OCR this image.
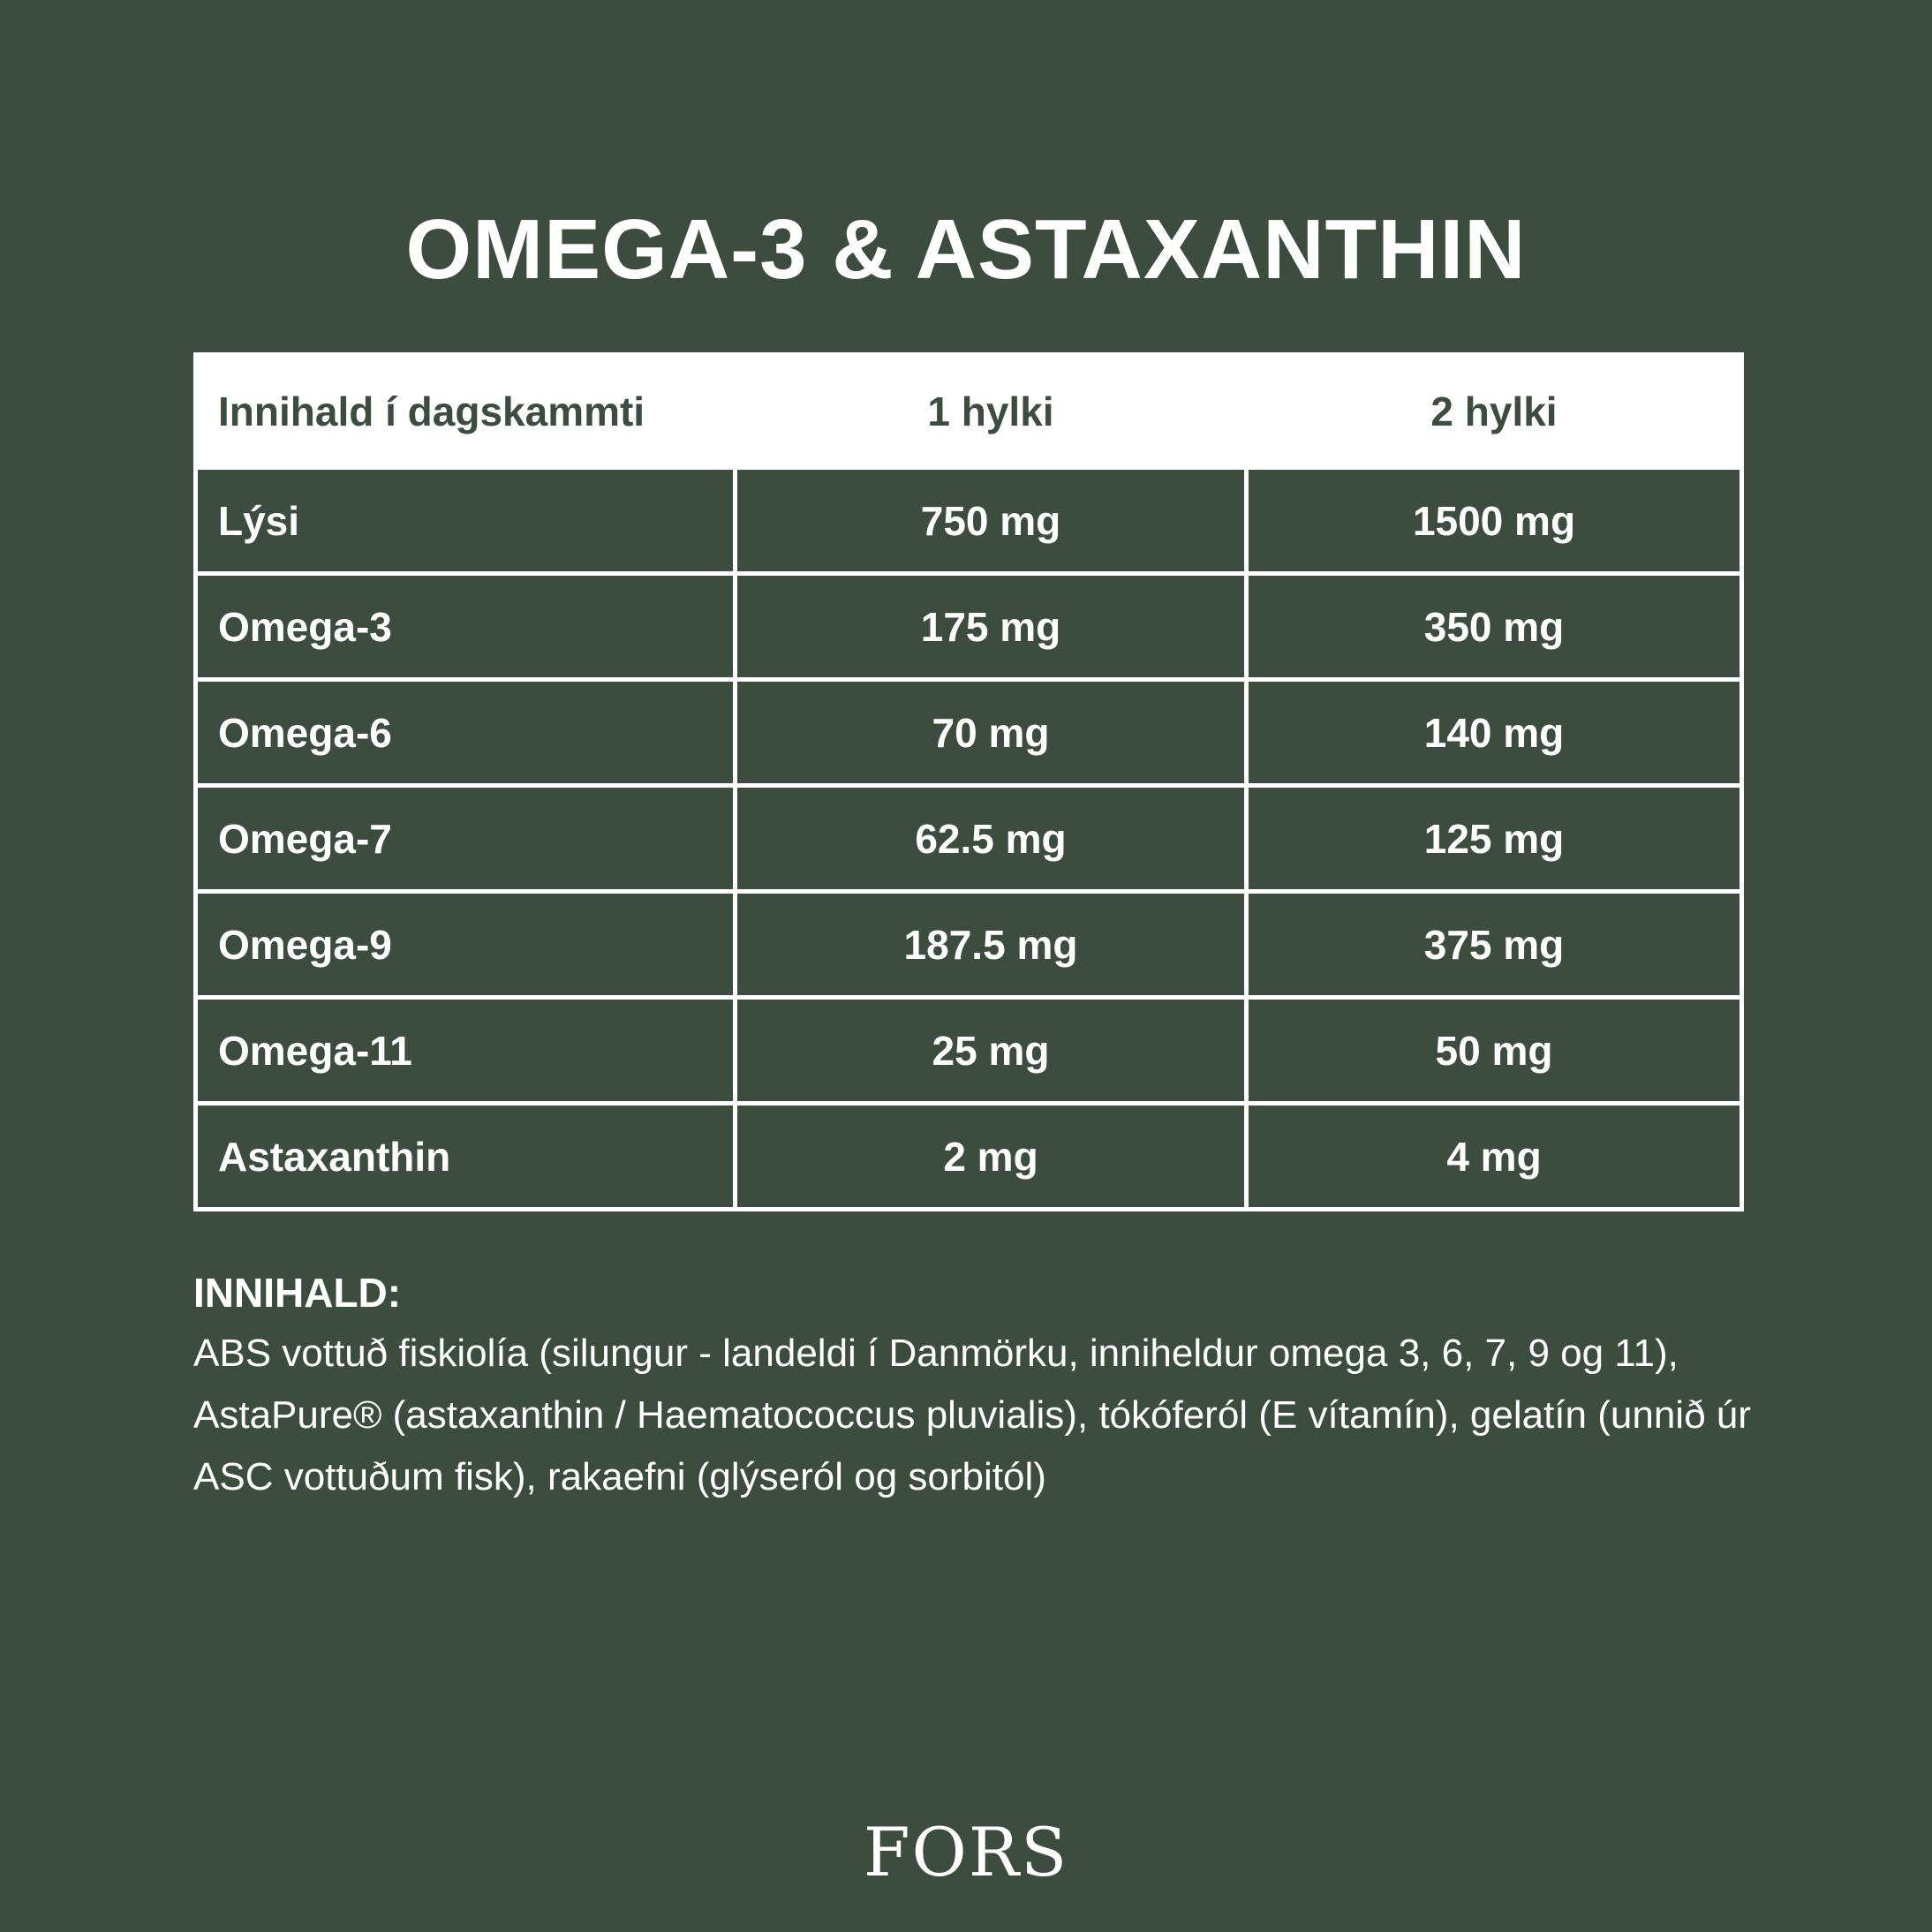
OMEGA-3 & ASTAXANTHIN
Innihald í dagskammti	1 hylki	2 hylki
Lýsi	750 mg	1500 mg
Omega-3	175 mg	350 mg
Omega-6	70 mg	140 mg
Omega-7	62.5 mg	125 mg
Omega-9	187.5 mg	375 mg
Omega-11	25 mg	50 mg
Astaxanthin	2 mg	4 mg
INNIHALD:

ABS vottuð fiskiolía (silungur - landeldi í Danmörku, inniheldur omega 3, 6, 7, 9 og 11), AstaPure® (astaxanthin / Haematococcus pluvialis), tókóferól (E vítamín), gelatín (unnið úr ASC vottuðum fisk), rakaefni (glýseról og sorbitól)

FORS
